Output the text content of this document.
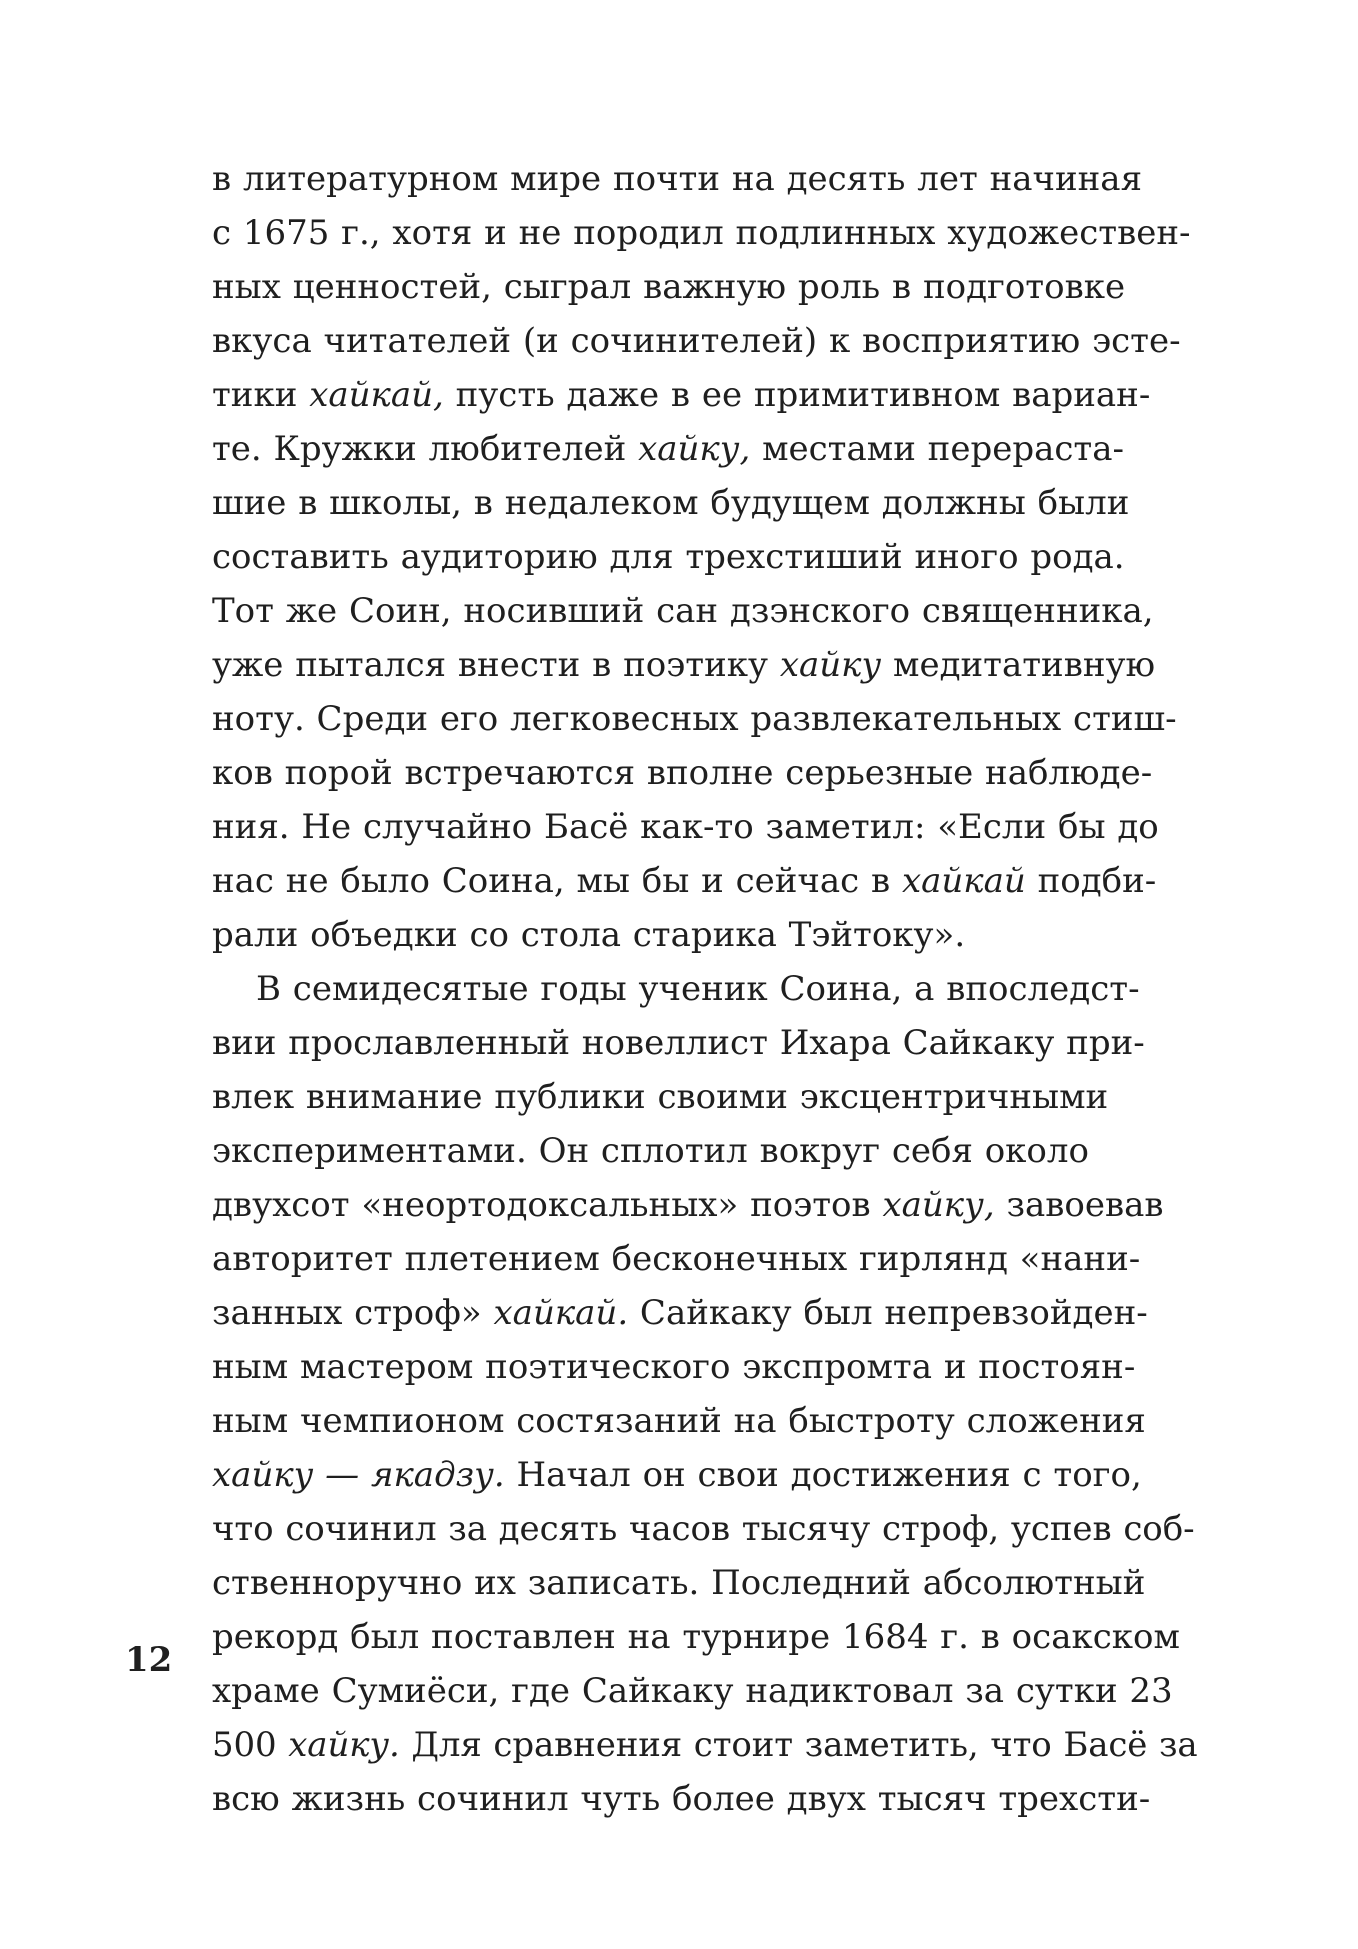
в литературном мире почти на десять лет начиная
с 1675 г., хотя и не породил подлинных художествен-
ных ценностей, сыграл важную роль в подготовке
вкуса читателей (и сочинителей) к восприятию эсте-
тики хайкай, пусть даже в ее примитивном вариан-
те. Кружки любителей хайку, местами перераста-
шие в школы, в недалеком будущем должны были
составить аудиторию для трехстиший иного рода.
Тот же Соин, носивший сан дзэнского священника,
уже пытался внести в поэтику хайку медитативную
ноту. Среди его легковесных развлекательных стиш-
ков порой встречаются вполне серьезные наблюде-
ния. Не случайно Басё как-то заметил: «Если бы до
нас не было Соина, мы бы и сейчас в хайкай подби-
рали объедки со стола старика Тэйтоку».
В семидесятые годы ученик Соина, а впоследст-
вии прославленный новеллист Ихара Сайкаку при-
влек внимание публики своими эксцентричными
экспериментами. Он сплотил вокруг себя около
двухсот «неортодоксальных» поэтов хайку, завоевав
авторитет плетением бесконечных гирлянд «нани-
занных строф» хайкай. Сайкаку был непревзойден-
ным мастером поэтического экспромта и постоян-
ным чемпионом состязаний на быстроту сложения
хайку — якадзу. Начал он свои достижения с того,
что сочинил за десять часов тысячу строф, успев соб-
ственноручно их записать. Последний абсолютный
рекорд был поставлен на турнире 1684 г. в осакском
храме Сумиёси, где Сайкаку надиктовал за сутки 23
500 хайку. Для сравнения стоит заметить, что Басё за
всю жизнь сочинил чуть более двух тысяч трехсти-
12
